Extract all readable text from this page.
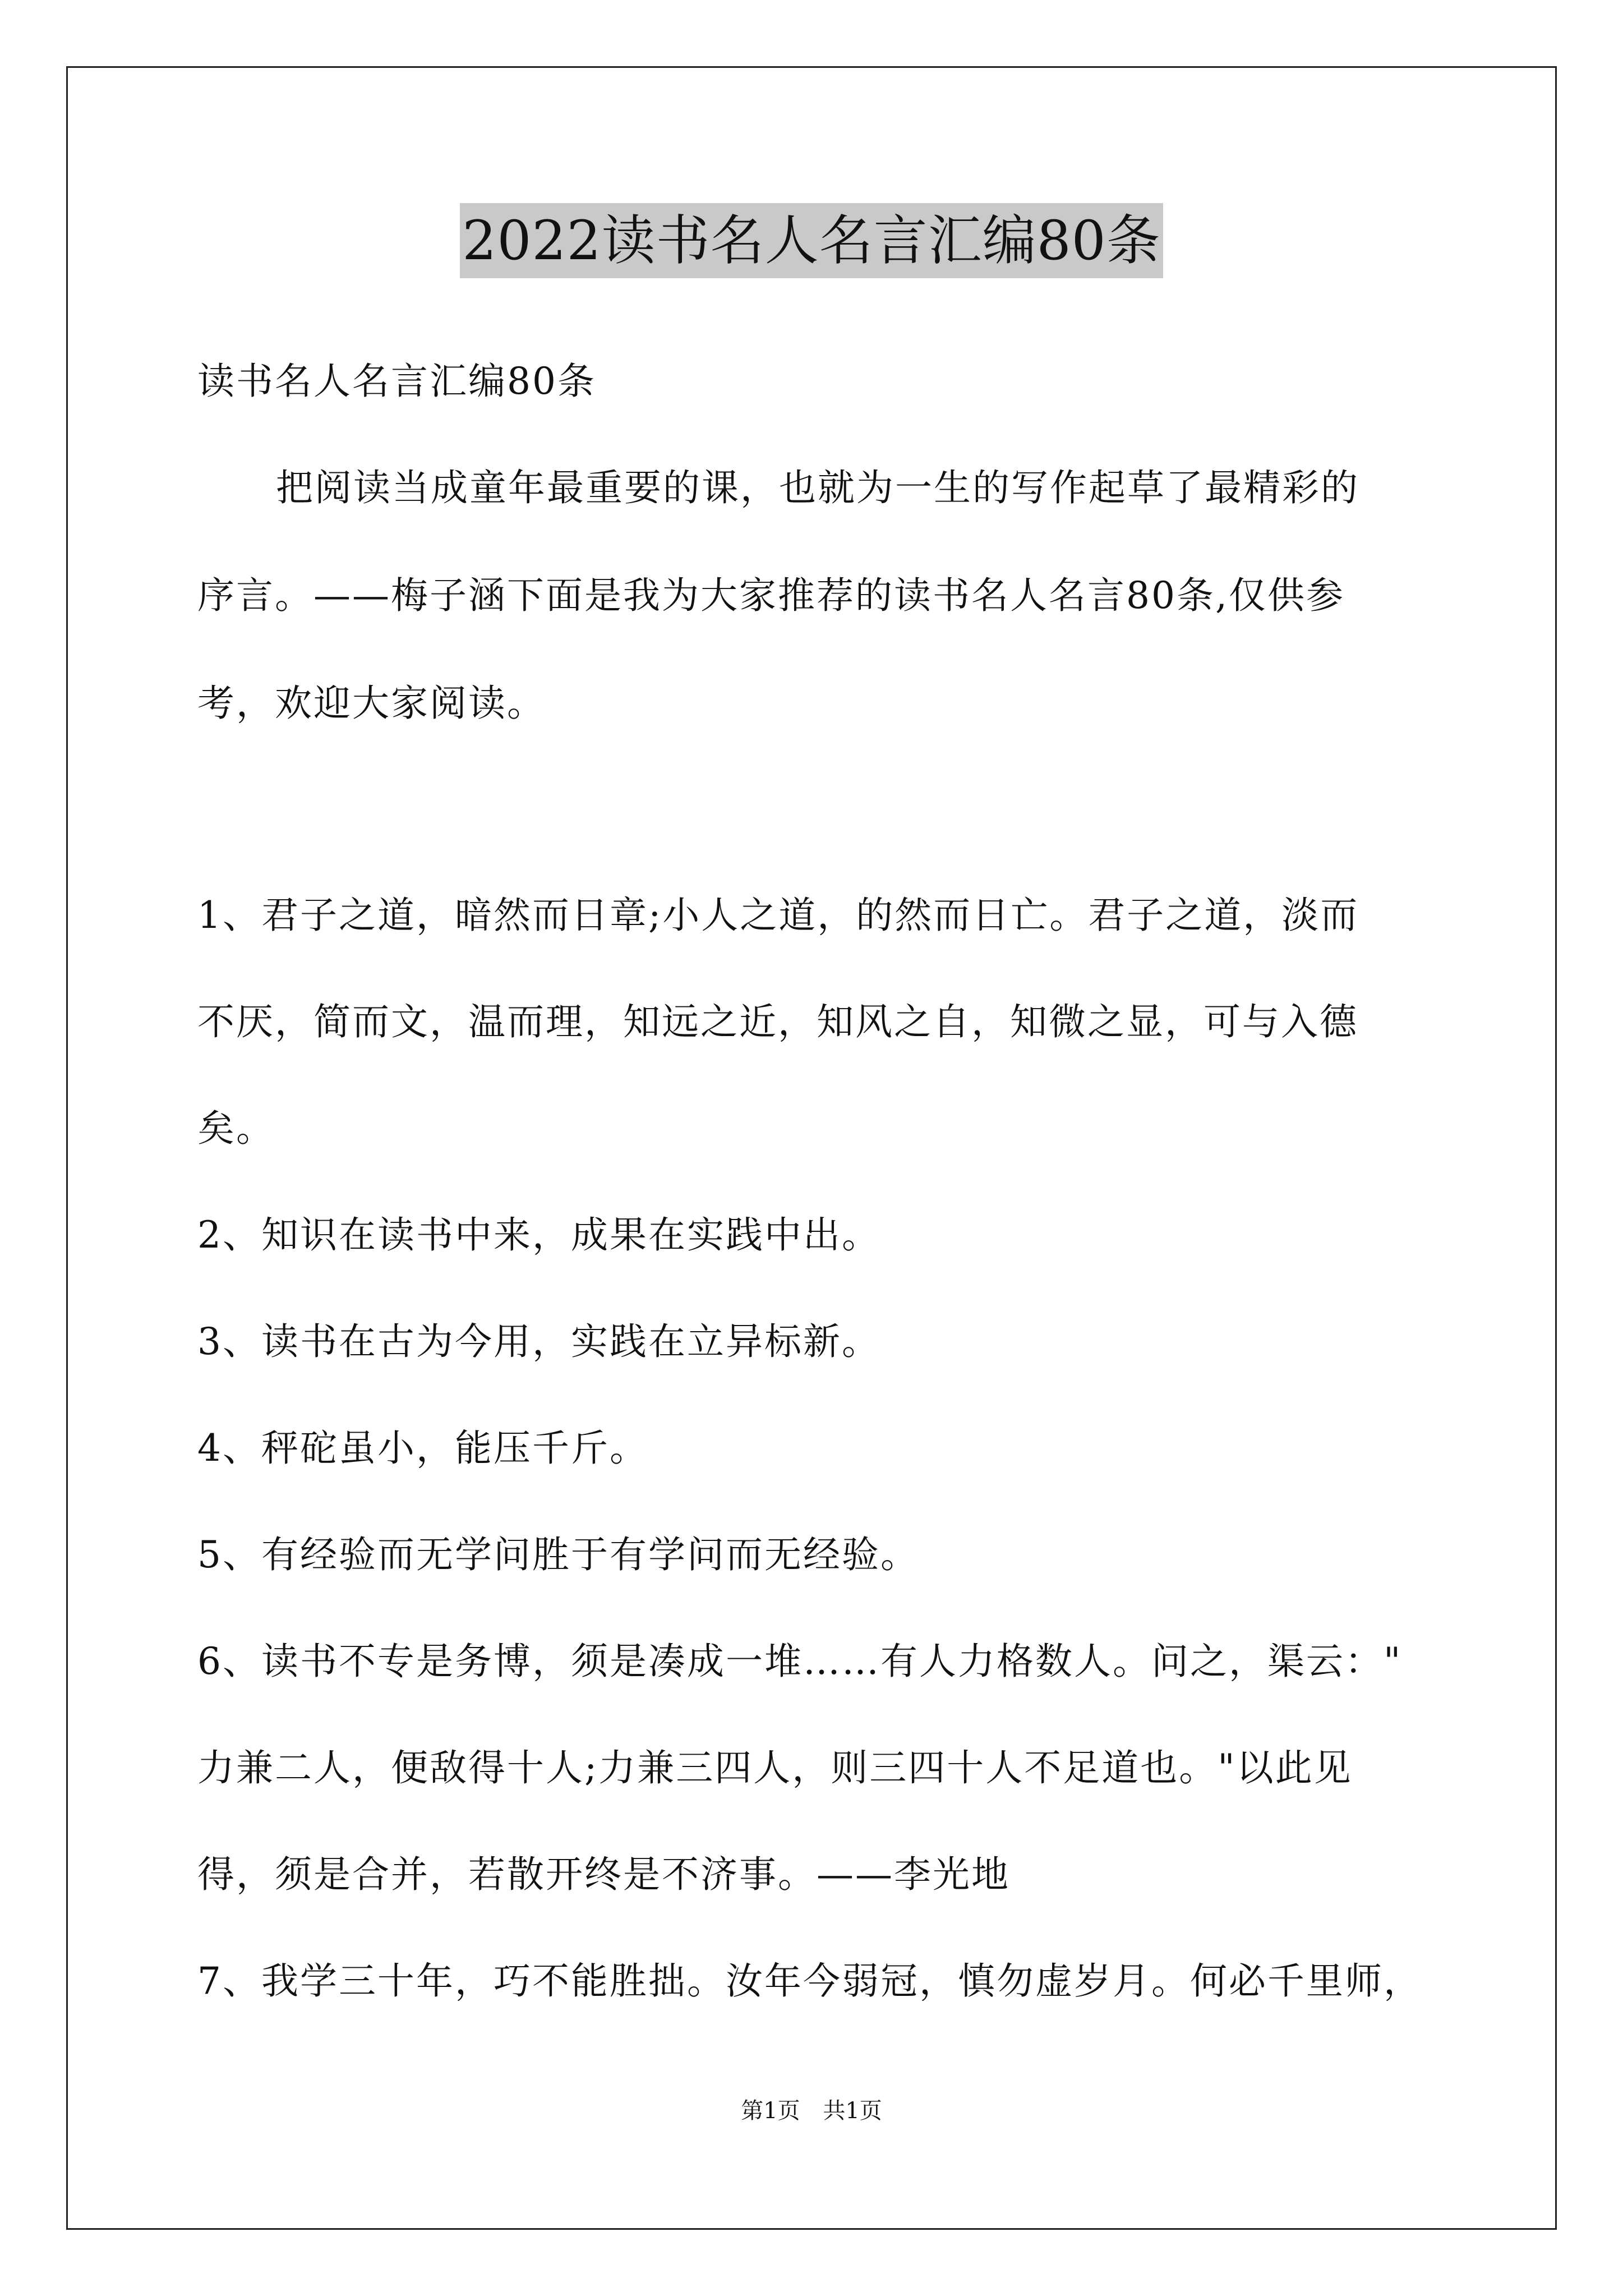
2022读书名人名言汇编80条
读书名人名言汇编80条
把阅读当成童年最重要的课，也就为一生的写作起草了最精彩的
序言。——梅子涵下面是我为大家推荐的读书名人名言80条,仅供参
考，欢迎大家阅读。
1、君子之道，暗然而日章;小人之道，的然而日亡。君子之道，淡而
不厌，简而文，温而理，知远之近，知风之自，知微之显，可与入德
矣。
2、知识在读书中来，成果在实践中出。
3、读书在古为今用，实践在立异标新。
4、秤砣虽小，能压千斤。
5、有经验而无学问胜于有学问而无经验。
6、读书不专是务博，须是凑成一堆……有人力格数人。问之，渠云："
力兼二人，便敌得十人;力兼三四人，则三四十人不足道也。"以此见
得，须是合并，若散开终是不济事。——李光地
7、我学三十年，巧不能胜拙。汝年今弱冠，慎勿虚岁月。何必千里师，
第1页 共1页
